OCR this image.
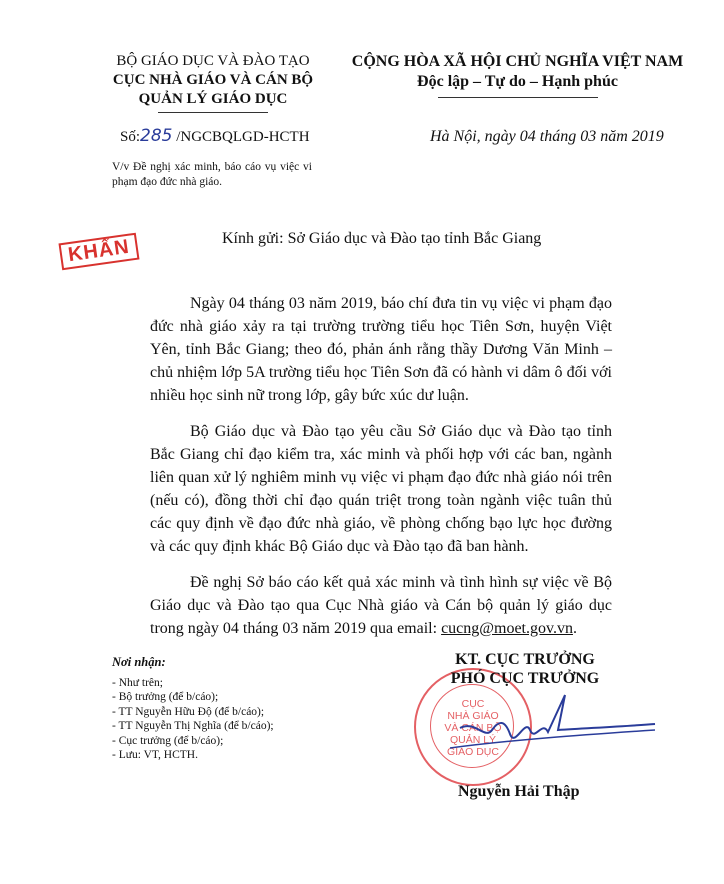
BỘ GIÁO DỤC VÀ ĐÀO TẠO
CỤC NHÀ GIÁO VÀ CÁN BỘ
QUẢN LÝ GIÁO DỤC
CỘNG HÒA XÃ HỘI CHỦ NGHĨA VIỆT NAM
Độc lập – Tự do – Hạnh phúc
Số:285 /NGCBQLGD-HCTH	Hà Nội, ngày 04 tháng 03 năm 2019
V/v Đề nghị xác minh, báo cáo vụ việc vi phạm đạo đức nhà giáo.
KHẨN	Kính gửi: Sở Giáo dục và Đào tạo tỉnh Bắc Giang

Ngày 04 tháng 03 năm 2019, báo chí đưa tin vụ việc vi phạm đạo đức nhà giáo xảy ra tại trường trường tiểu học Tiên Sơn, huyện Việt Yên, tỉnh Bắc Giang; theo đó, phản ánh rằng thầy Dương Văn Minh – chủ nhiệm lớp 5A trường tiểu học Tiên Sơn đã có hành vi dâm ô đối với nhiều học sinh nữ trong lớp, gây bức xúc dư luận.

Bộ Giáo dục và Đào tạo yêu cầu Sở Giáo dục và Đào tạo tỉnh Bắc Giang chỉ đạo kiểm tra, xác minh và phối hợp với các ban, ngành liên quan xử lý nghiêm minh vụ việc vi phạm đạo đức nhà giáo nói trên (nếu có), đồng thời chỉ đạo quán triệt trong toàn ngành việc tuân thủ các quy định về đạo đức nhà giáo, về phòng chống bạo lực học đường và các quy định khác Bộ Giáo dục và Đào tạo đã ban hành.

Đề nghị Sở báo cáo kết quả xác minh và tình hình sự việc về Bộ Giáo dục và Đào tạo qua Cục Nhà giáo và Cán bộ quản lý giáo dục trong ngày 04 tháng 03 năm 2019 qua email: cucng@moet.gov.vn.

Nơi nhận:
- Như trên;
- Bộ trưởng (để b/cáo);
- TT Nguyễn Hữu Độ (để b/cáo);
- TT Nguyễn Thị Nghĩa (để b/cáo);
- Cục trưởng (để b/cáo);
- Lưu: VT, HCTH.
CỤC
NHÀ GIÁO
VÀ CÁN BỘ
QUẢN LÝ
GIÁO DỤC
KT. CỤC TRƯỞNG
PHÓ CỤC TRƯỞNG
Nguyễn Hải Thập
